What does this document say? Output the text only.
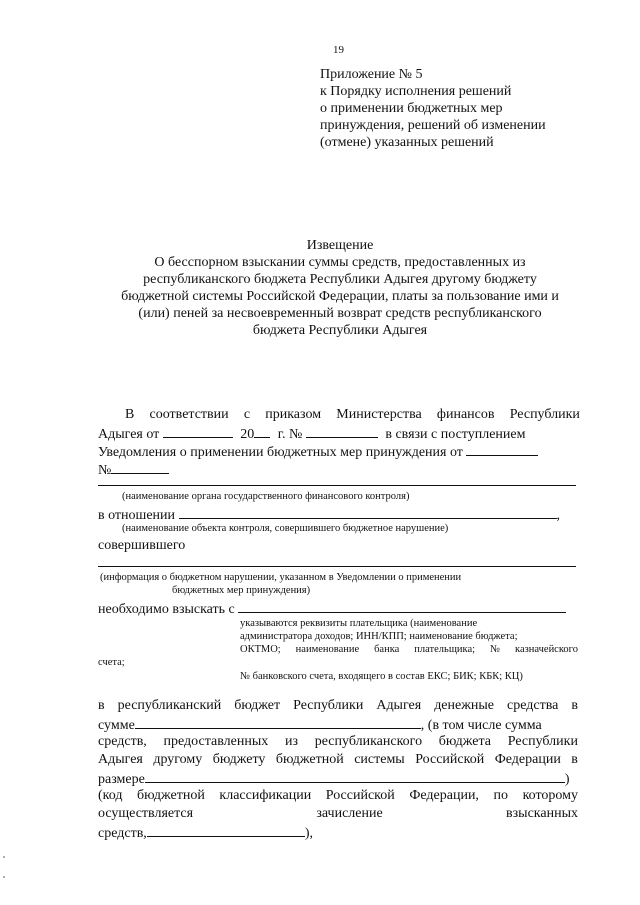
19
Приложение № 5
к Порядку исполнения решений
о применении бюджетных мер
принуждения, решений об изменении
(отмене) указанных решений
Извещение
О бесспорном взыскании суммы средств, предоставленных из
республиканского бюджета Республики Адыгея другому бюджету
бюджетной системы Российской Федерации, платы за пользование ими и
(или) пеней за несвоевременный возврат средств республиканского
бюджета Республики Адыгея
В соответствии с приказом Министерства финансов Республики
Адыгея от	20 г. №	в связи с поступлением
Уведомления о применении бюджетных мер принуждения от
№
(наименование органа государственного финансового контроля)
в отношении	,
(наименование объекта контроля, совершившего бюджетное нарушение)
совершившего
(информация о бюджетном нарушении, указанном в Уведомлении о применении
бюджетных мер принуждения)
необходимо взыскать с
указываются реквизиты плательщика (наименование
администратора доходов; ИНН/КПП; наименование бюджета;
ОКТМО; наименование банка плательщика; № казначейского
счета;
№ банковского счета, входящего в состав ЕКС; БИК; КБК; КЦ)
в республиканский бюджет Республики Адыгея денежные средства в
сумме	, (в том числе сумма
средств, предоставленных из республиканского бюджета Республики
Адыгея другому бюджету бюджетной системы Российской Федерации в
размере	)
(код бюджетной классификации Российской Федерации, по которому
осуществляется	зачисление	взысканных
средств,	),
